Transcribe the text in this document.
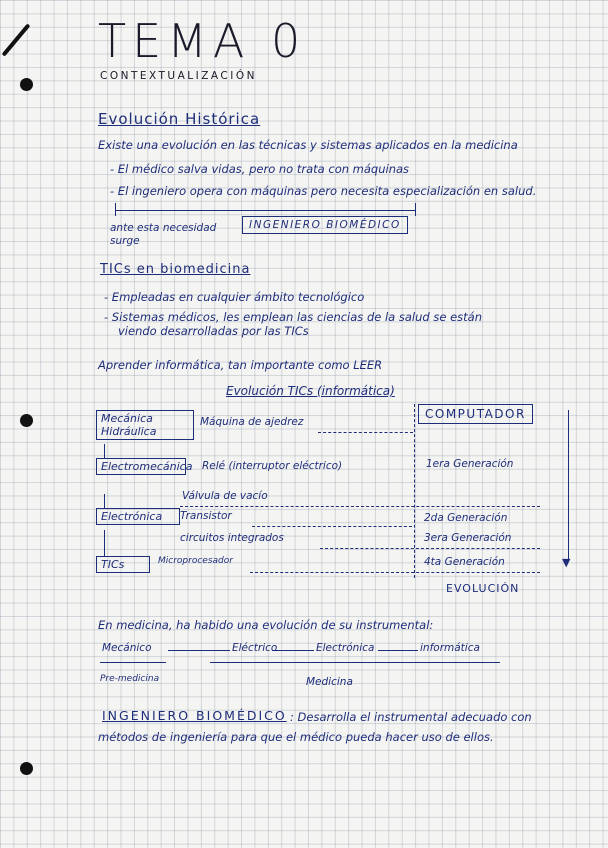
TEMA 0
CONTEXTUALIZACIÓN
Evolución Histórica
Existe una evolución en las técnicas y sistemas aplicados en la medicina
- El médico salva vidas, pero no trata con máquinas
- El ingeniero opera con máquinas pero necesita especialización en salud.
ante esta necesidad surge
INGENIERO BIOMÉDICO
TICs en biomedicina
- Empleadas en cualquier ámbito tecnológico
- Sistemas médicos, les emplean las ciencias de la salud se están
viendo desarrolladas por las TICs
Aprender informática, tan importante como LEER
Evolución TICs (informática)
COMPUTADOR
Mecánica Hidráulica
Máquina de ajedrez
Electromecánica Relé (interruptor eléctrico)	1era Generación
Válvula de vacío
Electrónica	Transistor	2da Generación
circuitos integrados	3era Generación
TICs	Microprocesador	4ta Generación	▼
EVOLUCIÓN
En medicina, ha habido una evolución de su instrumental:
Mecánico	Eléctrico	Electrónica	informática
Pre-medicina	Medicina
INGENIERO BIOMÉDICO : Desarrolla el instrumental adecuado con
métodos de ingeniería para que el médico pueda hacer uso de ellos.
